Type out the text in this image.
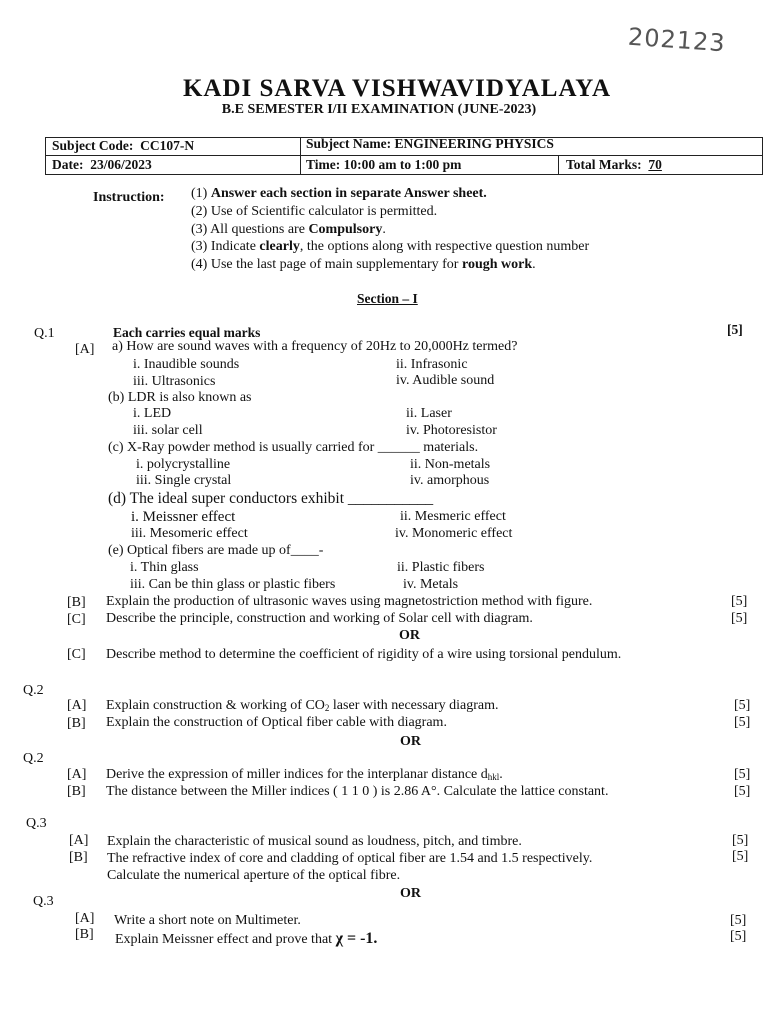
202123
KADI SARVA VISHWAVIDYALAYA
B.E SEMESTER I/II EXAMINATION (JUNE-2023)
Subject Code: CC107-N	Subject Name: ENGINEERING PHYSICS
Date: 23/06/2023	Time: 10:00 am to 1:00 pm	Total Marks: 70
Instruction: (1) Answer each section in separate Answer sheet.
(2) Use of Scientific calculator is permitted.
(3) All questions are Compulsory.
(3) Indicate clearly, the options along with respective question number
(4) Use the last page of main supplementary for rough work.
Section – I
Q.1	Each carries equal marks	[5]
[A] a) How are sound waves with a frequency of 20Hz to 20,000Hz termed?
i. Inaudible sounds	ii. Infrasonic
iii. Ultrasonics	iv. Audible sound
(b) LDR is also known as
i. LED	ii. Laser
iii. solar cell	iv. Photoresistor
(c) X-Ray powder method is usually carried for ______ materials.
i. polycrystalline	ii. Non-metals
iii. Single crystal	iv. amorphous
(d) The ideal super conductors exhibit ___________
i. Meissner effect	ii. Mesmeric effect
iii. Mesomeric effect	iv. Monomeric effect
(e) Optical fibers are made up of____-
i. Thin glass	ii. Plastic fibers
iii. Can be thin glass or plastic fibers	iv. Metals
[B] Explain the production of ultrasonic waves using magnetostriction method with figure.	[5]
[C] Describe the principle, construction and working of Solar cell with diagram.	[5]
OR
[C] Describe method to determine the coefficient of rigidity of a wire using torsional pendulum.
Q.2
[A] Explain construction & working of $CO_2$ laser with necessary diagram.	[5]
[B] Explain the construction of Optical fiber cable with diagram.	[5]
OR
Q.2
[A] Derive the expression of miller indices for the interplanar distance $d_{hkl}$.	[5]
[B] The distance between the Miller indices ( 1 1 0 ) is 2.86 A°. Calculate the lattice constant.	[5]
Q.3
[A] Explain the characteristic of musical sound as loudness, pitch, and timbre.	[5]
[B] The refractive index of core and cladding of optical fiber are 1.54 and 1.5 respectively.
Calculate the numerical aperture of the optical fibre.
[5]
OR
Q.3
[A] Write a short note on Multimeter.	[5]
[B] Explain Meissner effect and prove that χ = -1.	[5]
